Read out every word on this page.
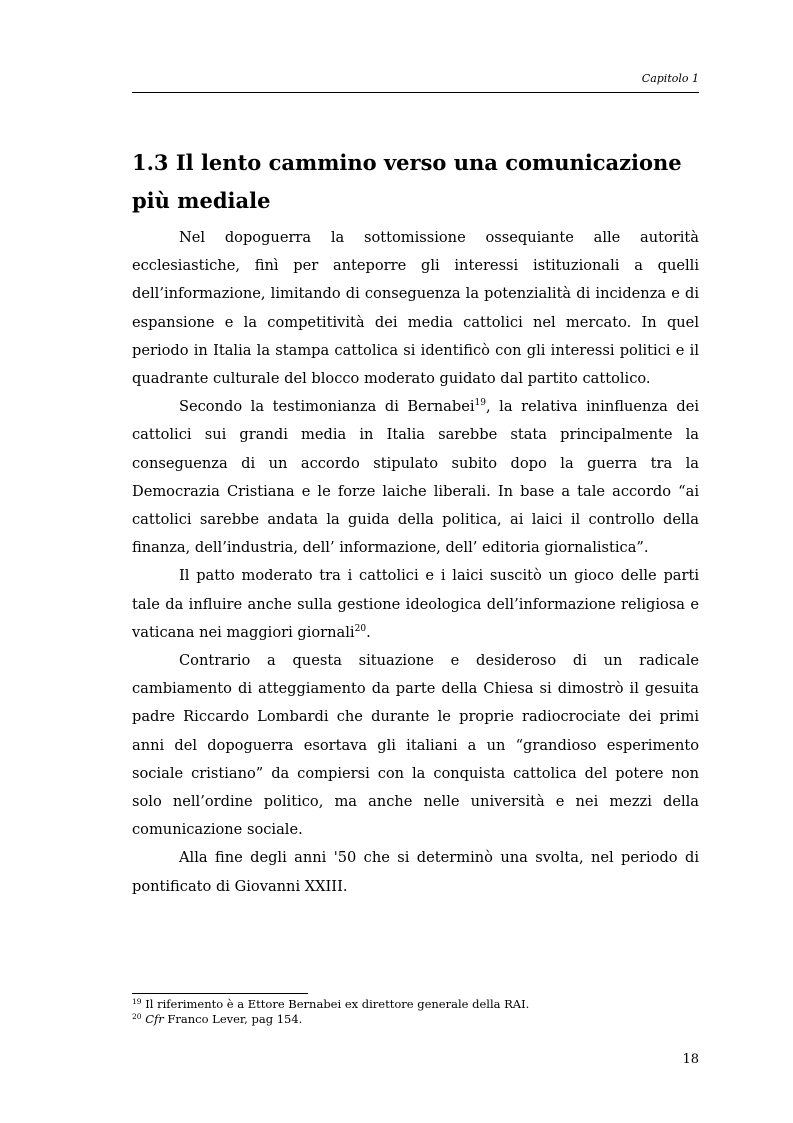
Capitolo 1
1.3 Il lento cammino verso una comunicazione più mediale

Nel dopoguerra la sottomissione ossequiante alle autorità ecclesiastiche, finì per anteporre gli interessi istituzionali a quelli dell’informazione, limitando di conseguenza la potenzialità di incidenza e di espansione e la competitività dei media cattolici nel mercato. In quel periodo in Italia la stampa cattolica si identificò con gli interessi politici e il quadrante culturale del blocco moderato guidato dal partito cattolico.

Secondo la testimonianza di Bernabei$^{19}$, la relativa ininfluenza dei cattolici sui grandi media in Italia sarebbe stata principalmente la conseguenza di un accordo stipulato subito dopo la guerra tra la Democrazia Cristiana e le forze laiche liberali. In base a tale accordo “ai cattolici sarebbe andata la guida della politica, ai laici il controllo della finanza, dell’industria, dell’ informazione, dell’ editoria giornalistica”.

Il patto moderato tra i cattolici e i laici suscitò un gioco delle parti tale da influire anche sulla gestione ideologica dell’informazione religiosa e vaticana nei maggiori giornali$^{20}$.

Contrario a questa situazione e desideroso di un radicale cambiamento di atteggiamento da parte della Chiesa si dimostrò il gesuita padre Riccardo Lombardi che durante le proprie radiocrociate dei primi anni del dopoguerra esortava gli italiani a un “grandioso esperimento sociale cristiano” da compiersi con la conquista cattolica del potere non solo nell’ordine politico, ma anche nelle università e nei mezzi della comunicazione sociale.

Alla fine degli anni '50 che si determinò una svolta, nel periodo di pontificato di Giovanni XXIII.

$^{19}$ Il riferimento è a Ettore Bernabei ex direttore generale della RAI.
$^{20}$ Cfr Franco Lever, pag 154.
18
